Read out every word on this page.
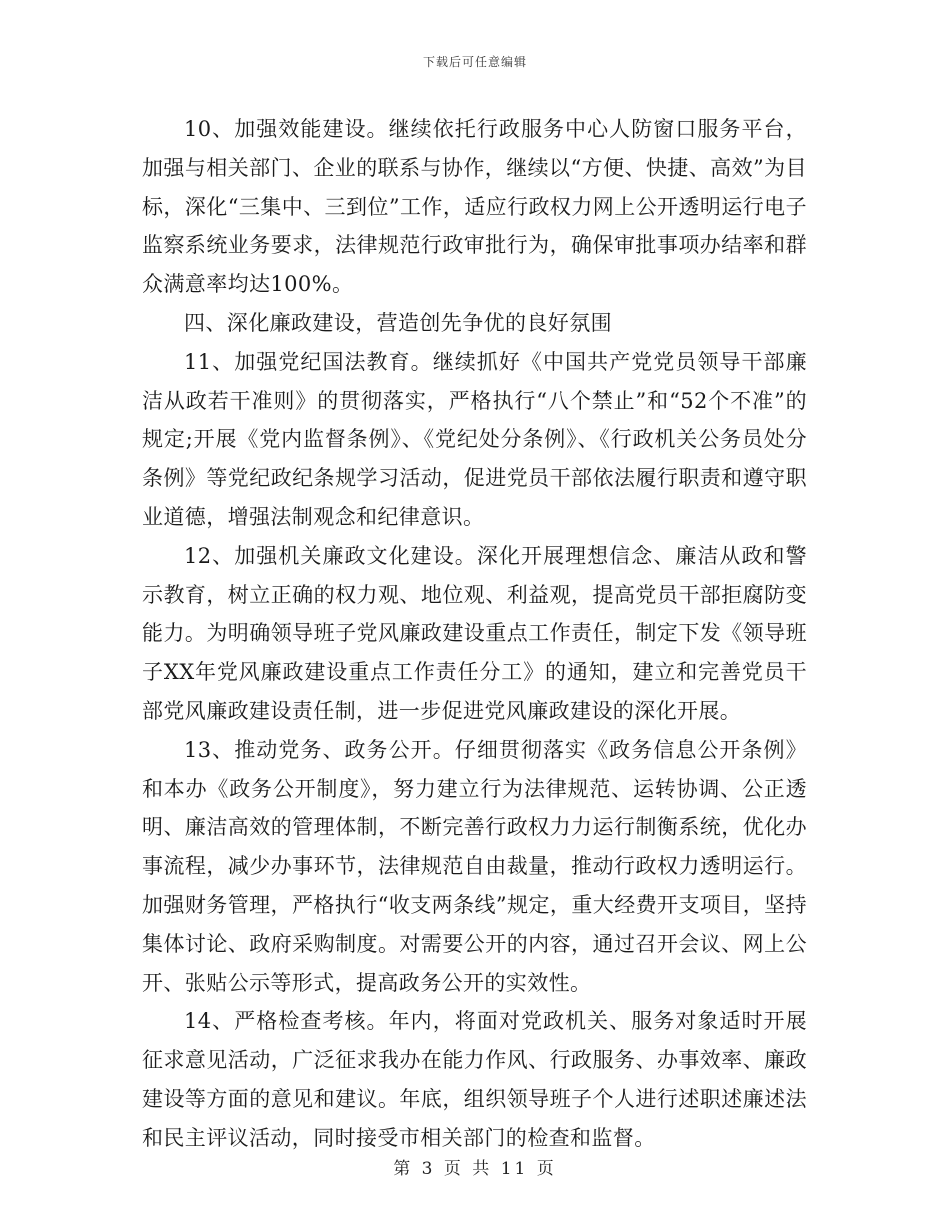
下载后可任意编辑

10、加强效能建设。继续依托行政服务中心人防窗口服务平台，加强与相关部门、企业的联系与协作，继续以“方便、快捷、高效”为目标，深化“三集中、三到位”工作，适应行政权力网上公开透明运行电子监察系统业务要求，法律规范行政审批行为，确保审批事项办结率和群众满意率均达100%。

四、深化廉政建设，营造创先争优的良好氛围

11、加强党纪国法教育。继续抓好《中国共产党党员领导干部廉洁从政若干准则》的贯彻落实，严格执行“八个禁止”和“52个不准”的规定;开展《党内监督条例》、《党纪处分条例》、《行政机关公务员处分条例》等党纪政纪条规学习活动，促进党员干部依法履行职责和遵守职业道德，增强法制观念和纪律意识。

12、加强机关廉政文化建设。深化开展理想信念、廉洁从政和警示教育，树立正确的权力观、地位观、利益观，提高党员干部拒腐防变能力。为明确领导班子党风廉政建设重点工作责任，制定下发《领导班子XX年党风廉政建设重点工作责任分工》的通知，建立和完善党员干部党风廉政建设责任制，进一步促进党风廉政建设的深化开展。

13、推动党务、政务公开。仔细贯彻落实《政务信息公开条例》和本办《政务公开制度》，努力建立行为法律规范、运转协调、公正透明、廉洁高效的管理体制，不断完善行政权力力运行制衡系统，优化办事流程，减少办事环节，法律规范自由裁量，推动行政权力透明运行。加强财务管理，严格执行“收支两条线”规定，重大经费开支项目，坚持集体讨论、政府采购制度。对需要公开的内容，通过召开会议、网上公开、张贴公示等形式，提高政务公开的实效性。

14、严格检查考核。年内，将面对党政机关、服务对象适时开展征求意见活动，广泛征求我办在能力作风、行政服务、办事效率、廉政建设等方面的意见和建议。年底，组织领导班子个人进行述职述廉述法和民主评议活动，同时接受市相关部门的检查和监督。

第 3 页 共 11 页
